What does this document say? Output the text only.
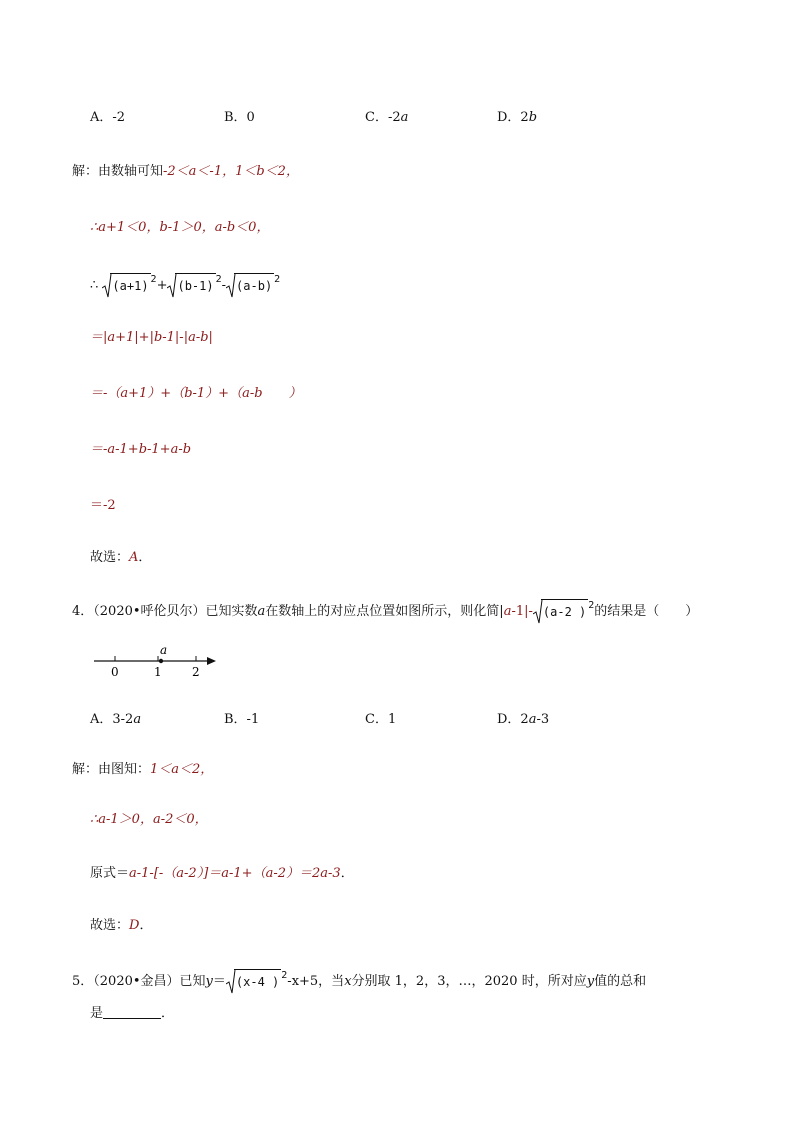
A．-2	B．0	C．-2a	D．2b
解：由数轴可知-2＜a＜-1，1＜b＜2，
∴a+1＜0，b-1＞0，a-b＜0，
∴ (a+1) $^2$+ (b-1) $^2$- (a-b) $^2$
＝|a+1|+|b-1|-|a-b|
＝-（a+1）+（b-1）+（a-b　　）
＝-a-1+b-1+a-b
＝-2
故选：A．
4．（2020•呼伦贝尔）已知实数a在数轴上的对应点位置如图所示，则化简|a-1|- (a-2 ) $^2$的结果是（　　）
a
0	1	2
A．3-2a	B．-1	C．1	D．2a-3
解：由图知：1＜a＜2，
∴a-1＞0，a-2＜0，
原式＝a-1-[-（a-2）]＝a-1+（a-2）＝2a-3．
故选：D．
5．（2020•金昌）已知y＝ (x-4 ) $^2$-x+5，当x分别取 1，2，3，…，2020 时，所对应y值的总和
是	．
